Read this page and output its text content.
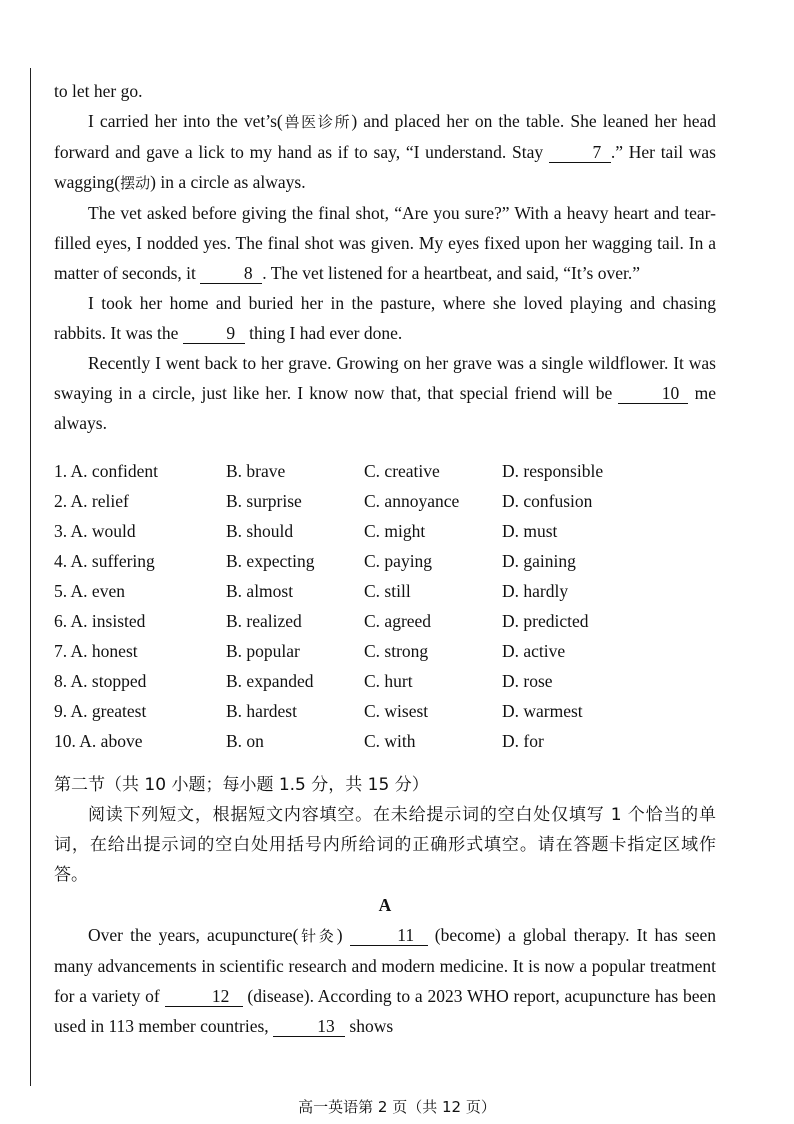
to let her go.

I carried her into the vet’s(兽医诊所) and placed her on the table. She leaned her head forward and gave a lick to my hand as if to say, “I understand. Stay 7 .” Her tail was wagging(摆动) in a circle as always.

The vet asked before giving the final shot, “Are you sure?” With a heavy heart and tear-filled eyes, I nodded yes. The final shot was given. My eyes fixed upon her wagging tail. In a matter of seconds, it 8 . The vet listened for a heartbeat, and said, “It’s over.”

I took her home and buried her in the pasture, where she loved playing and chasing rabbits. It was the 9 thing I had ever done.

Recently I went back to her grave. Growing on her grave was a single wildflower. It was swaying in a circle, just like her. I know now that, that special friend will be 10 me always.

1. A. confident	B. brave	C. creative	D. responsible
2. A. relief	B. surprise	C. annoyance	D. confusion
3. A. would	B. should	C. might	D. must
4. A. suffering	B. expecting	C. paying	D. gaining
5. A. even	B. almost	C. still	D. hardly
6. A. insisted	B. realized	C. agreed	D. predicted
7. A. honest	B. popular	C. strong	D. active
8. A. stopped	B. expanded	C. hurt	D. rose
9. A. greatest	B. hardest	C. wisest	D. warmest
10. A. above	B. on	C. with	D. for
第二节（共 10 小题；每小题 1.5 分，共 15 分）
阅读下列短文，根据短文内容填空。在未给提示词的空白处仅填写 1 个恰当的单词，在给出提示词的空白处用括号内所给词的正确形式填空。请在答题卡指定区域作答。
A

Over the years, acupuncture(针灸)	11 (become) a global therapy. It has seen many advancements in scientific research and modern medicine. It is now a popular treatment for a variety of	12 (disease). According to a 2023 WHO report, acupuncture has been used in 113 member countries,	13 shows

高一英语第 2 页（共 12 页）
